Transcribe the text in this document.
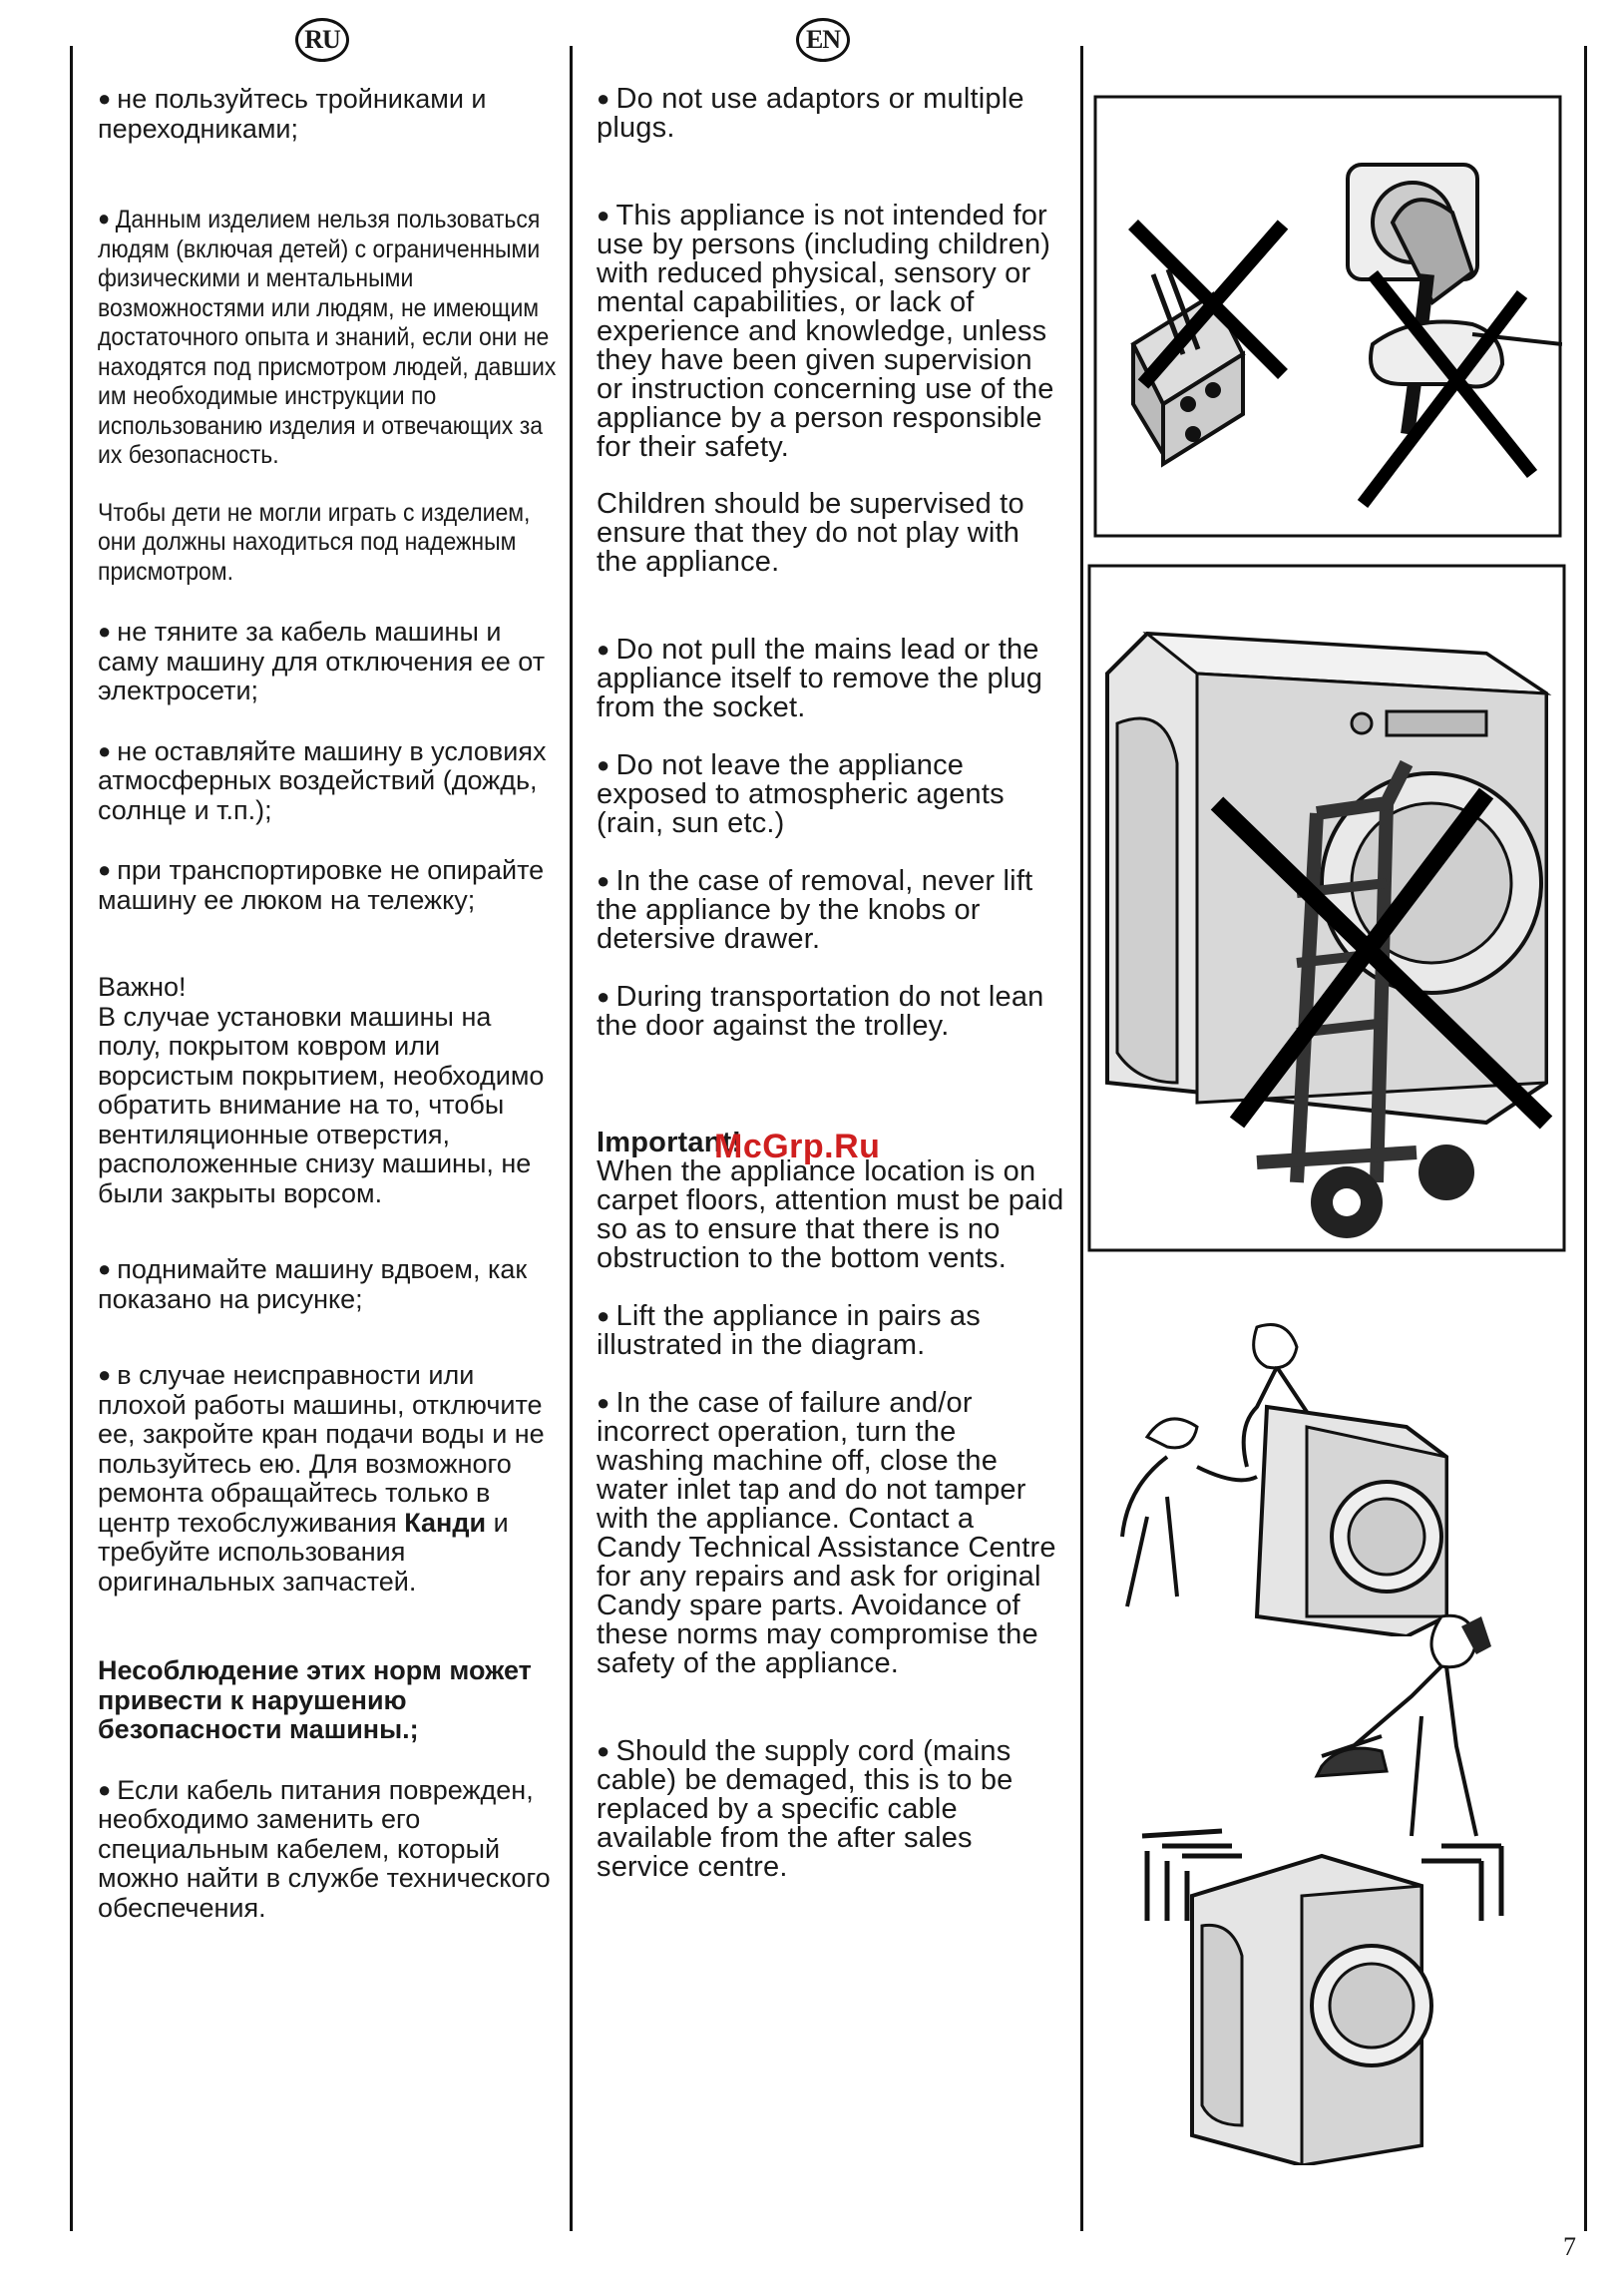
RU	EN

● не пользуйтесь тройниками и переходниками;

● Данным изделием нельзя пользоваться людям (включая детей) с ограниченными физическими и ментальными возможностями или людям, не имеющим достаточного опыта и знаний, если они не находятся под присмотром людей, давших им необходимые инструкции по использованию изделия и отвечающих за их безопасность.

Чтобы дети не могли играть с изделием, они должны находиться под надежным присмотром.

● не тяните за кабель машины и саму машину для отключения ее от электросети;

● не оставляйте машину в условиях атмосферных воздействий (дождь, солнце и т.п.);

● при транспортировке не опирайте машину ее люком на тележку;

Важно!

В случае установки машины на полу, покрытом ковром или ворсистым покрытием, необходимо обратить внимание на то, чтобы вентиляционные отверстия, расположенные снизу машины, не были закрыты ворсом.

● поднимайте машину вдвоем, как показано на рисунке;

● в случае неисправности или плохой работы машины, отключите ее, закройте кран подачи воды и не пользуйтесь ею. Для возможного ремонта обращайтесь только в центр техобслуживания Канди и требуйте использования оригинальных запчастей.

Несоблюдение этих норм может привести к нарушению безопасности машины.;

● Если кабель питания поврежден, необходимо заменить его специальным кабелем, который можно найти в службе технического обеспечения.

● Do not use adaptors or multiple plugs.

● This appliance is not intended for use by persons (including children) with reduced physical, sensory or mental capabilities, or lack of experience and knowledge, unless they have been given supervision or instruction concerning use of the appliance by a person responsible for their safety.

Children should be supervised to ensure that they do not play with the appliance.

● Do not pull the mains lead or the appliance itself to remove the plug from the socket.

● Do not leave the appliance exposed to atmospheric agents (rain, sun etc.)

● In the case of removal, never lift the appliance by the knobs or detersive drawer.

● During transportation do not lean the door against the trolley.

Important!

When the appliance location is on carpet floors, attention must be paid so as to ensure that there is no obstruction to the bottom vents.

● Lift the appliance in pairs as illustrated in the diagram.

● In the case of failure and/or incorrect operation, turn the washing machine off, close the water inlet tap and do not tamper with the appliance. Contact a Candy Technical Assistance Centre for any repairs and ask for original Candy spare parts. Avoidance of these norms may compromise the safety of the appliance.

● Should the supply cord (mains cable) be demaged, this is to be replaced by a specific cable available from the after sales service centre.

McGrp.Ru
7
